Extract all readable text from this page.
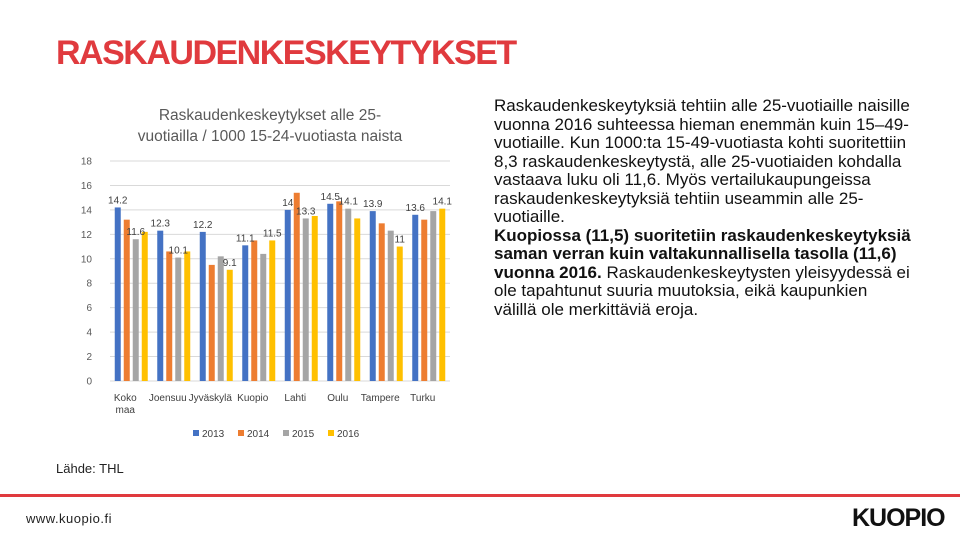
RASKAUDENKESKEYTYKSET
Raskaudenkeskeytykset alle 25-
vuotiailla / 1000 15-24-vuotiasta naista
0
2
4
6
8
10
12
14
16
18
14.2
11.6
12.3
10.1
12.2
9.1
11.1 11.5
14
13.3
14.5
14.1 13.9
11
13.6
14.1
Koko
maa
Joensuu Jyväskylä Kuopio Lahti Oulu Tampere Turku
2013 2014 2015 2016

Raskaudenkeskeytyksiä tehtiin alle 25-vuotiaille naisille vuonna 2016 suhteessa hieman enemmän kuin 15–49-vuotiaille. Kun 1000:ta 15-49-vuotiasta kohti suoritettiin 8,3 raskaudenkeskeytystä, alle 25-vuotiaiden kohdalla vastaava luku oli 11,6. Myös vertailukaupungeissa raskaudenkeskeytyksiä tehtiin useammin alle 25-vuotiaille.

Kuopiossa (11,5) suoritetiin raskaudenkeskeytyksiä saman verran kuin valtakunnallisella tasolla (11,6) vuonna 2016. Raskaudenkeskeytysten yleisyydessä ei ole tapahtunut suuria muutoksia, eikä kaupunkien välillä ole merkittäviä eroja.

Lähde: THL
www.kuopio.fi	KUOPIO
